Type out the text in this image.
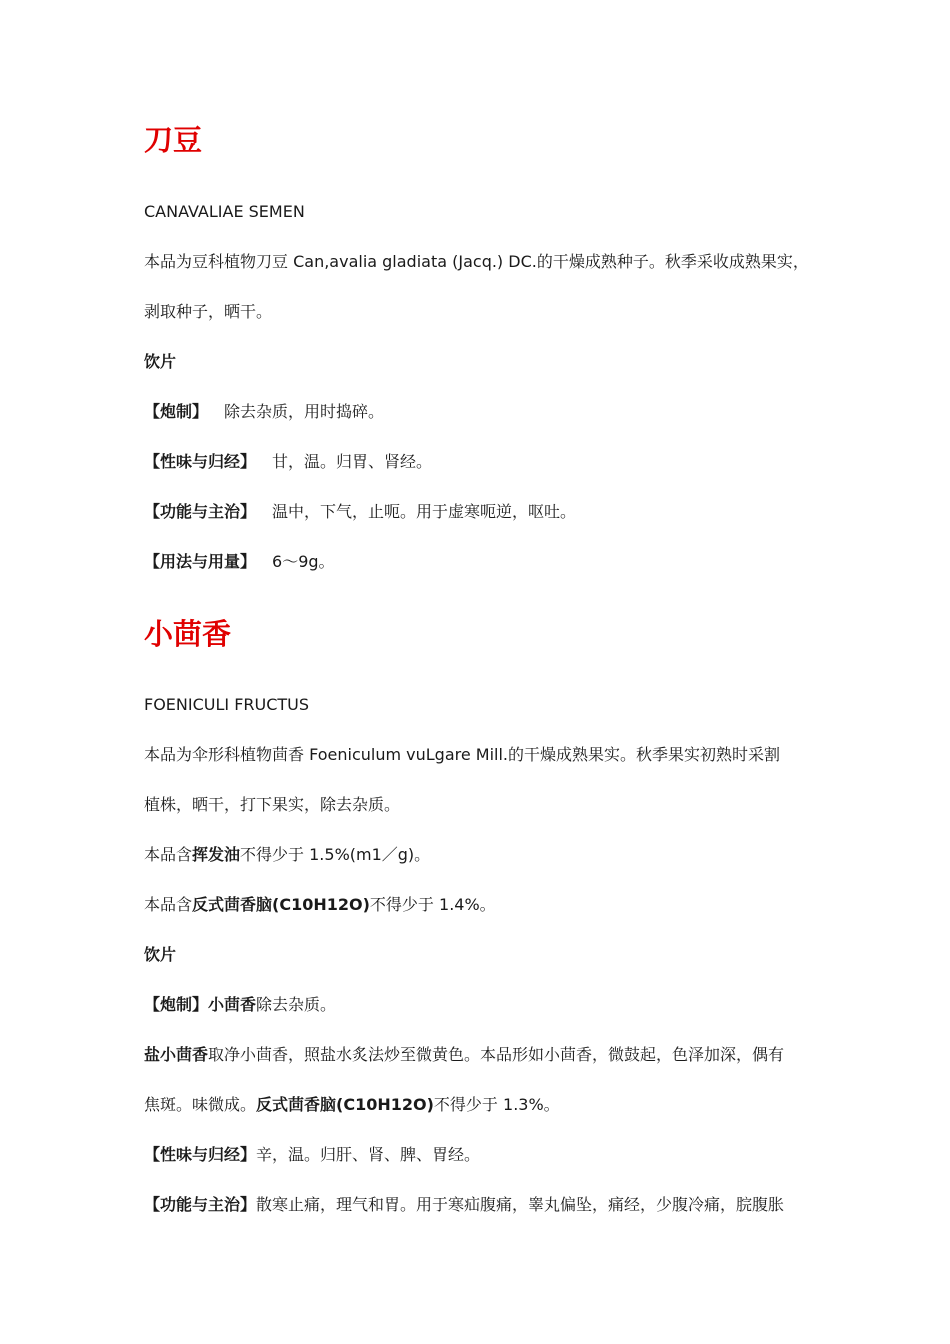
刀豆
CANAVALIAE SEMEN
本品为豆科植物刀豆 Can,avalia gladiata (Jacq.) DC.的干燥成熟种子。秋季采收成熟果实，
剥取种子，晒干。
饮片
【炮制】 除去杂质，用时捣碎。
【性味与归经】 甘，温。归胃、肾经。
【功能与主治】 温中，下气，止呃。用于虚寒呃逆，呕吐。
【用法与用量】 6～9g。
小茴香
FOENICULI FRUCTUS
本品为伞形科植物茴香 Foeniculum vuLgare Mill.的干燥成熟果实。秋季果实初熟时采割
植株，晒干，打下果实，除去杂质。
本品含挥发油不得少于 1.5%(m1／g)。
本品含反式茴香脑(C10H12O)不得少于 1.4%。
饮片
【炮制】小茴香除去杂质。
盐小茴香取净小茴香，照盐水炙法炒至微黄色。本品形如小茴香，微鼓起，色泽加深，偶有
焦斑。味微成。反式茴香脑(C10H12O)不得少于 1.3%。
【性味与归经】辛，温。归肝、肾、脾、胃经。
【功能与主治】散寒止痛，理气和胃。用于寒疝腹痛，睾丸偏坠，痛经，少腹冷痛，脘腹胀
